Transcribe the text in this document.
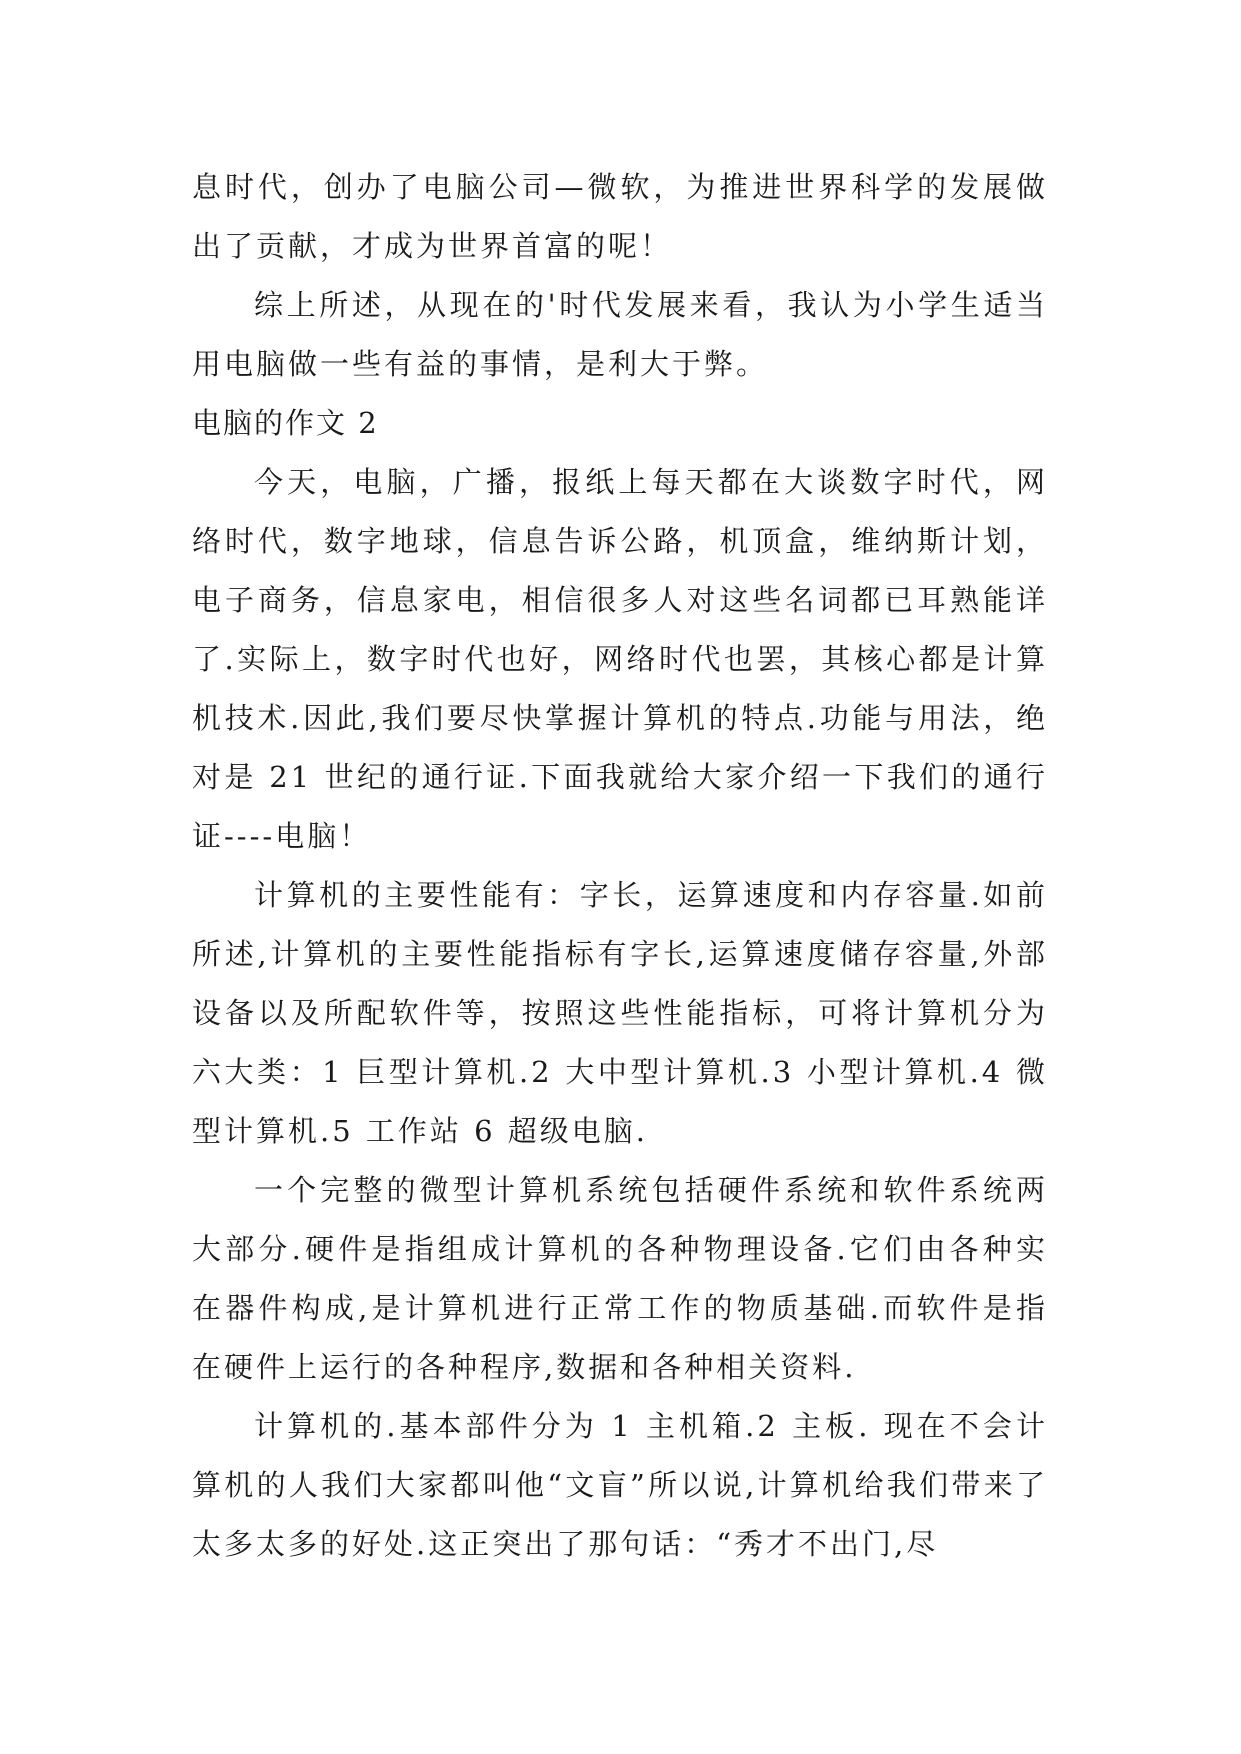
息时代，创办了电脑公司—微软，为推进世界科学的发展做出了贡献，才成为世界首富的呢！

综上所述，从现在的'时代发展来看，我认为小学生适当用电脑做一些有益的事情，是利大于弊。

电脑的作文 2

今天，电脑，广播，报纸上每天都在大谈数字时代，网络时代，数字地球，信息告诉公路，机顶盒，维纳斯计划，电子商务，信息家电，相信很多人对这些名词都已耳熟能详了.实际上，数字时代也好，网络时代也罢，其核心都是计算机技术.因此,我们要尽快掌握计算机的特点.功能与用法，绝对是 21 世纪的通行证.下面我就给大家介绍一下我们的通行证----电脑！

计算机的主要性能有：字长，运算速度和内存容量.如前所述,计算机的主要性能指标有字长,运算速度储存容量,外部设备以及所配软件等，按照这些性能指标，可将计算机分为六大类：1 巨型计算机.2 大中型计算机.3 小型计算机.4 微型计算机.5 工作站 6 超级电脑.

一个完整的微型计算机系统包括硬件系统和软件系统两大部分.硬件是指组成计算机的各种物理设备.它们由各种实在器件构成,是计算机进行正常工作的物质基础.而软件是指在硬件上运行的各种程序,数据和各种相关资料.

计算机的.基本部件分为 1 主机箱.2 主板. 现在不会计算机的人我们大家都叫他“文盲”所以说,计算机给我们带来了太多太多的好处.这正突出了那句话：“秀才不出门,尽
